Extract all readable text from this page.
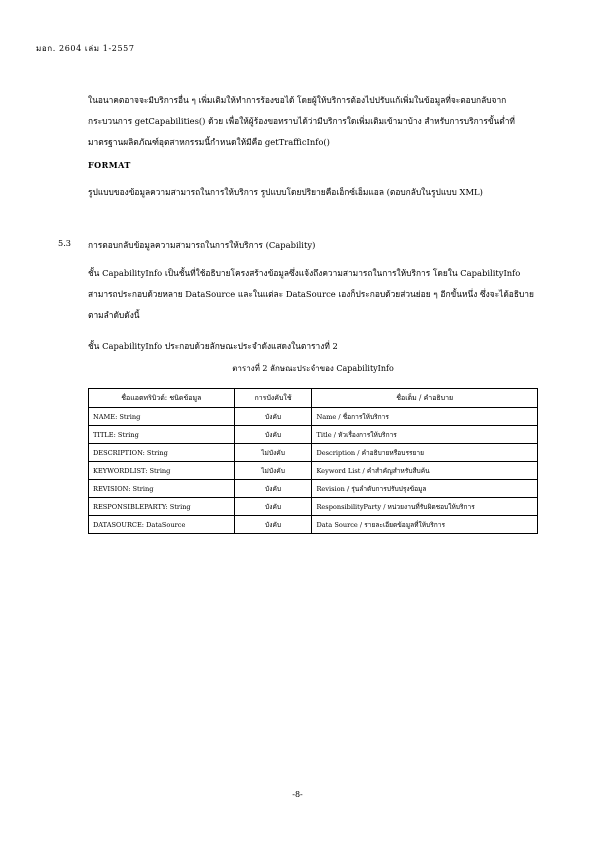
มอก. 2604 เล่ม 1-2557

ในอนาคตอาจจะมีบริการอื่น ๆ เพิ่มเติมให้ทำการร้องขอได้ โดยผู้ให้บริการต้องไปปรับแก้เพิ่มในข้อมูลที่จะตอบกลับจากกระบวนการ getCapabilities() ด้วย เพื่อให้ผู้ร้องขอทราบได้ว่ามีบริการใดเพิ่มเติมเข้ามาบ้าง สำหรับการบริการขั้นต่ำที่มาตรฐานผลิตภัณฑ์อุตสาหกรรมนี้กำหนดให้มีคือ getTrafficInfo()

FORMAT

รูปแบบของข้อมูลความสามารถในการให้บริการ รูปแบบโดยปริยายคือเอ็กซ์เอ็มแอล (ตอบกลับในรูปแบบ XML)

5.3 การตอบกลับข้อมูลความสามารถในการให้บริการ (Capability)

ชั้น CapabilityInfo เป็นชั้นที่ใช้อธิบายโครงสร้างข้อมูลซึ่งแจ้งถึงความสามารถในการให้บริการ โดยใน CapabilityInfo สามารถประกอบด้วยหลาย DataSource และในแต่ละ DataSource เองก็ประกอบด้วยส่วนย่อย ๆ อีกขั้นหนึ่ง ซึ่งจะได้อธิบายตามลำดับดังนี้

ชั้น CapabilityInfo ประกอบด้วยลักษณะประจำดังแสดงในตารางที่ 2

ตารางที่ 2 ลักษณะประจำของ CapabilityInfo
ชื่อแอตทริบิวต์: ชนิดข้อมูล	การบังคับใช้	ชื่อเต็ม / คำอธิบาย
NAME: String	บังคับ	Name / ชื่อการให้บริการ
TITLE: String	บังคับ	Title / หัวเรื่องการให้บริการ
DESCRIPTION: String	ไม่บังคับ	Description / คำอธิบายหรือบรรยาย
KEYWORDLIST: String	ไม่บังคับ	Keyword List / คำสำคัญสำหรับสืบค้น
REVISION: String	บังคับ	Revision / รุ่นลำดับการปรับปรุงข้อมูล
RESPONSIBLEPARTY: String	บังคับ	ResponsibilityParty / หน่วยงานที่รับผิดชอบให้บริการ
DATASOURCE: DataSource	บังคับ	Data Source / รายละเอียดข้อมูลที่ให้บริการ
-8-
